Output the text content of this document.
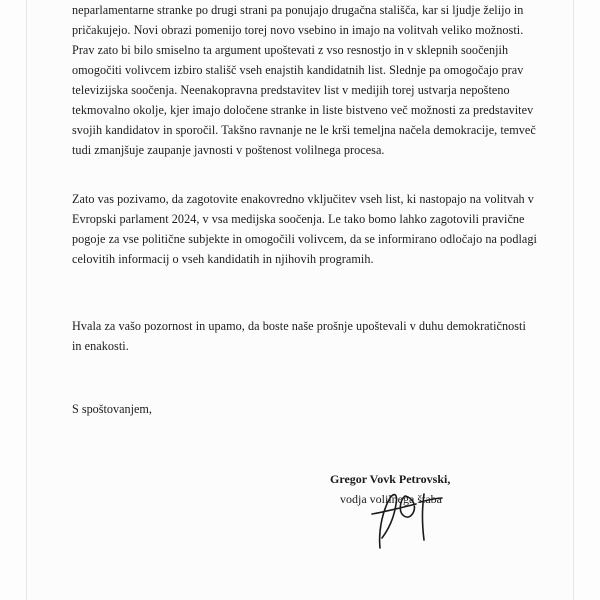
neparlamentarne stranke po drugi strani pa ponujajo drugačna stališča, kar si ljudje želijo in
pričakujejo. Novi obrazi pomenijo torej novo vsebino in imajo na volitvah veliko možnosti.
Prav zato bi bilo smiselno ta argument upoštevati z vso resnostjo in v sklepnih soočenjih
omogočiti volivcem izbiro stališč vseh enajstih kandidatnih list. Slednje pa omogočajo prav
televizijska soočenja. Neenakopravna predstavitev list v medijih torej ustvarja nepošteno
tekmovalno okolje, kjer imajo določene stranke in liste bistveno več možnosti za predstavitev
svojih kandidatov in sporočil. Takšno ravnanje ne le krši temeljna načela demokracije, temveč
tudi zmanjšuje zaupanje javnosti v poštenost volilnega procesa.
Zato vas pozivamo, da zagotovite enakovredno vključitev vseh list, ki nastopajo na volitvah v
Evropski parlament 2024, v vsa medijska soočenja. Le tako bomo lahko zagotovili pravične
pogoje za vse politične subjekte in omogočili volivcem, da se informirano odločajo na podlagi
celovitih informacij o vseh kandidatih in njihovih programih.
Hvala za vašo pozornost in upamo, da boste naše prošnje upoštevali v duhu demokratičnosti
in enakosti.
S spoštovanjem,
Gregor Vovk Petrovski,
vodja volilnega štaba
